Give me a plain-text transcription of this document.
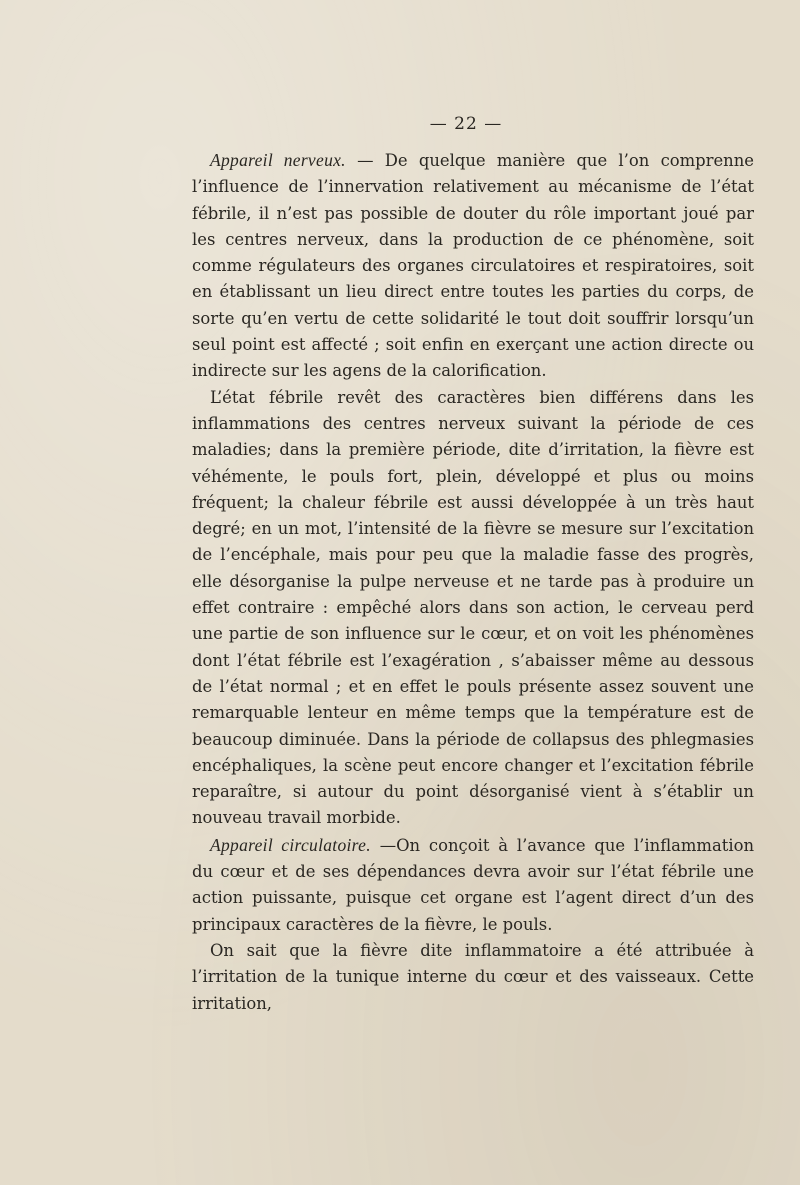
— 22 —

Appareil nerveux. — De quelque manière que l’on comprenne l’influence de l’innervation relativement au mécanisme de l’état fébrile, il n’est pas possible de douter du rôle important joué par les centres nerveux, dans la production de ce phénomène, soit comme régulateurs des organes circulatoires et respiratoires, soit en établissant un lieu direct entre toutes les parties du corps, de sorte qu’en vertu de cette solidarité le tout doit souffrir lorsqu’un seul point est affecté ; soit enfin en exerçant une action directe ou indirecte sur les agens de la calorification.

L’état fébrile revêt des caractères bien différens dans les inflammations des centres nerveux suivant la période de ces maladies; dans la première période, dite d’irritation, la fièvre est véhémente, le pouls fort, plein, développé et plus ou moins fréquent; la chaleur fébrile est aussi développée à un très haut degré; en un mot, l’intensité de la fièvre se mesure sur l’excitation de l’encéphale, mais pour peu que la maladie fasse des progrès, elle désorganise la pulpe nerveuse et ne tarde pas à produire un effet contraire : empêché alors dans son action, le cerveau perd une partie de son influence sur le cœur, et on voit les phénomènes dont l’état fébrile est l’exagération , s’abaisser même au dessous de l’état normal ; et en effet le pouls présente assez souvent une remarquable lenteur en même temps que la température est de beaucoup diminuée. Dans la période de collapsus des phlegmasies encéphaliques, la scène peut encore changer et l’excitation fébrile reparaître, si autour du point désorganisé vient à s’établir un nouveau travail morbide.

Appareil circulatoire. —On conçoit à l’avance que l’inflammation du cœur et de ses dépendances devra avoir sur l’état fébrile une action puissante, puisque cet organe est l’agent direct d’un des principaux caractères de la fièvre, le pouls.

On sait que la fièvre dite inflammatoire a été attribuée à l’irritation de la tunique interne du cœur et des vaisseaux. Cette irritation,
